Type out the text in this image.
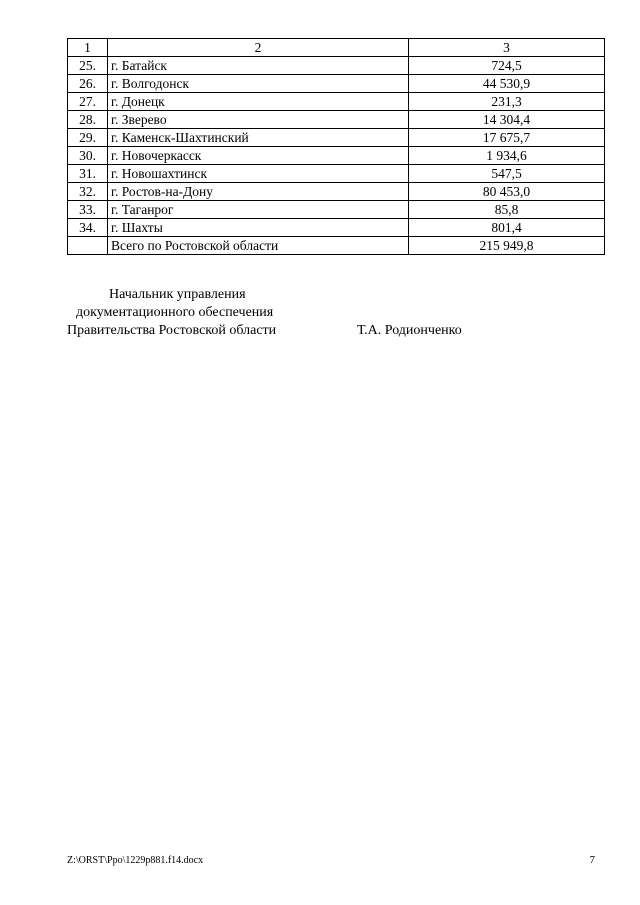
1	2	3
25.	г. Батайск	724,5
26.	г. Волгодонск	44 530,9
27.	г. Донецк	231,3
28.	г. Зверево	14 304,4
29.	г. Каменск-Шахтинский	17 675,7
30.	г. Новочеркасск	1 934,6
31.	г. Новошахтинск	547,5
32.	г. Ростов-на-Дону	80 453,0
33.	г. Таганрог	85,8
34.	г. Шахты	801,4
	Всего по Ростовской области	215 949,8
Начальник управления
документационного обеспечения
Правительства Ростовской области	Т.А. Родионченко
Z:\ORST\Ppo\1229p881.f14.docx	7
